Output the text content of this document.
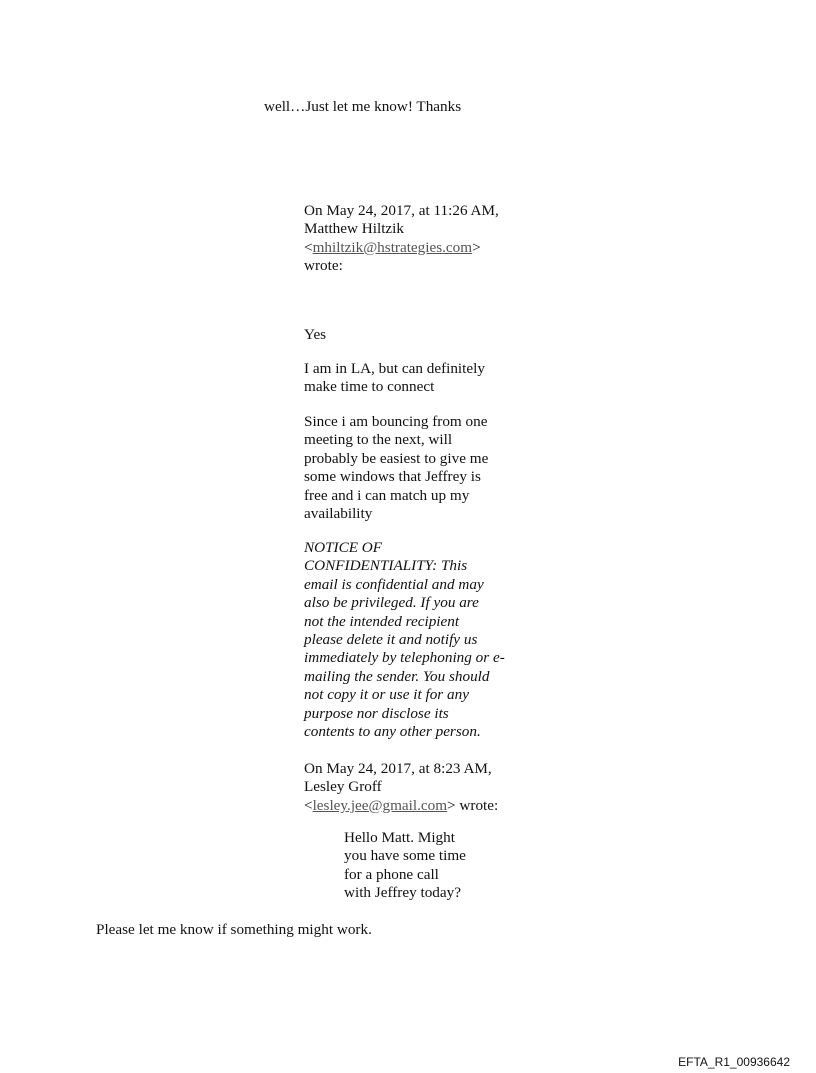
well…Just let me know! Thanks
On May 24, 2017, at 11:26 AM,
Matthew Hiltzik
<mhiltzik@hstrategies.com>
wrote:
Yes
I am in LA, but can definitely
make time to connect
Since i am bouncing from one
meeting to the next, will
probably be easiest to give me
some windows that Jeffrey is
free and i can match up my
availability
NOTICE OF
CONFIDENTIALITY: This
email is confidential and may
also be privileged. If you are
not the intended recipient
please delete it and notify us
immediately by telephoning or e-
mailing the sender. You should
not copy it or use it for any
purpose nor disclose its
contents to any other person.
On May 24, 2017, at 8:23 AM,
Lesley Groff
<lesley.jee@gmail.com> wrote:
Hello Matt. Might
you have some time
for a phone call
with Jeffrey today?
Please let me know if something might work.
EFTA_R1_00936642
